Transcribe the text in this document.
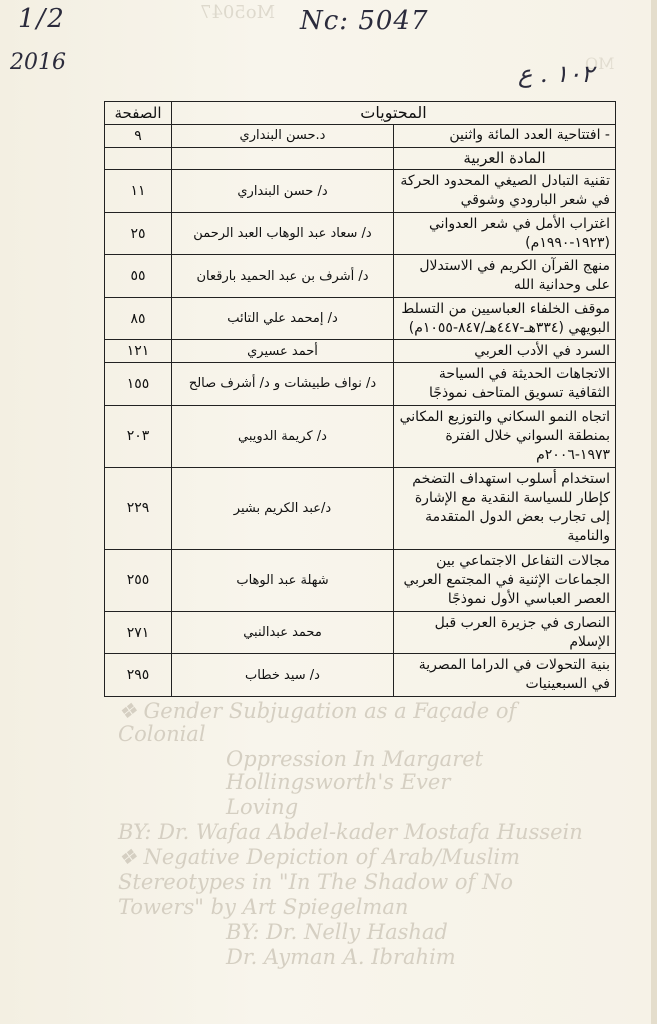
Mo5047
MO
1/2
2016
Nc: 5047
١٠٢ . ع

❖ Gender Subjugation as a Façade of Colonial

Oppression In Margaret Hollingsworth's Ever

Loving

BY: Dr. Wafaa Abdel-kader Mostafa Hussein

❖ Negative Depiction of Arab/Muslim

Stereotypes in "In The Shadow of No

Towers" by Art Spiegelman

BY: Dr. Nelly Hashad

Dr. Ayman A. Ibrahim

المحتويات		الصفحة
- افتتاحية العدد المائة واثنين	د.حسن البنداري	٩
المادة العربية		
تقنية التبادل الصيغي المحدود الحركة في شعر البارودي وشوقي	د/ حسن البنداري	١١
اغتراب الأمل في شعر العدواني (١٩٢٣-١٩٩٠م)	د/ سعاد عبد الوهاب العبد الرحمن	٢٥
منهج القرآن الكريم في الاستدلال على وحدانية الله	د/ أشرف بن عبد الحميد بارقعان	٥٥
موقف الخلفاء العباسيين من التسلط البويهي (٣٣٤هـ-٤٤٧هـ/٨٤٧-١٠٥٥م)	د/ إمحمد علي التائب	٨٥
السرد في الأدب العربي	أحمد عسيري	١٢١
الاتجاهات الحديثة في السياحة الثقافية تسويق المتاحف نموذجًا	د/ نواف طبيشات و د/ أشرف صالح	١٥٥
اتجاه النمو السكاني والتوزيع المكاني بمنطقة السواني خلال الفترة ١٩٧٣-٢٠٠٦م	د/ كريمة الدويبي	٢٠٣
استخدام أسلوب استهداف التضخم كإطار للسياسة النقدية مع الإشارة إلى تجارب بعض الدول المتقدمة والنامية	د/عبد الكريم بشير	٢٢٩
مجالات التفاعل الاجتماعي بين الجماعات الإثنية في المجتمع العربي العصر العباسي الأول نموذجًا	شهلة عبد الوهاب	٢٥٥
النصارى في جزيرة العرب قبل الإسلام	محمد عبدالنبي	٢٧١
بنية التحولات في الدراما المصرية في السبعينيات	د/ سيد خطاب	٢٩٥
